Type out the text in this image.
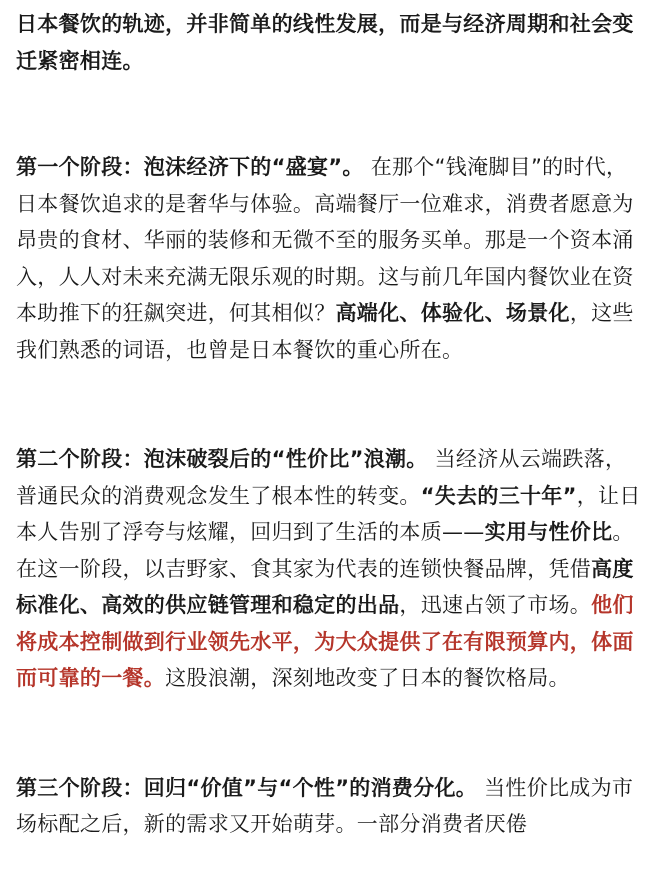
日本餐饮的轨迹，并非简单的线性发展，而是与经济周期和社会变迁紧密相连。

第一个阶段：泡沫经济下的“盛宴”。 在那个“钱淹脚目”的时代，日本餐饮追求的是奢华与体验。高端餐厅一位难求，消费者愿意为昂贵的食材、华丽的装修和无微不至的服务买单。那是一个资本涌入，人人对未来充满无限乐观的时期。这与前几年国内餐饮业在资本助推下的狂飙突进，何其相似？高端化、体验化、场景化，这些我们熟悉的词语，也曾是日本餐饮的重心所在。

第二个阶段：泡沫破裂后的“性价比”浪潮。 当经济从云端跌落，普通民众的消费观念发生了根本性的转变。“失去的三十年”，让日本人告别了浮夸与炫耀，回归到了生活的本质——实用与性价比。在这一阶段，以吉野家、食其家为代表的连锁快餐品牌，凭借高度标准化、高效的供应链管理和稳定的出品，迅速占领了市场。他们将成本控制做到行业领先水平，为大众提供了在有限预算内，体面而可靠的一餐。这股浪潮，深刻地改变了日本的餐饮格局。

第三个阶段：回归“价值”与“个性”的消费分化。 当性价比成为市场标配之后，新的需求又开始萌芽。一部分消费者厌倦
